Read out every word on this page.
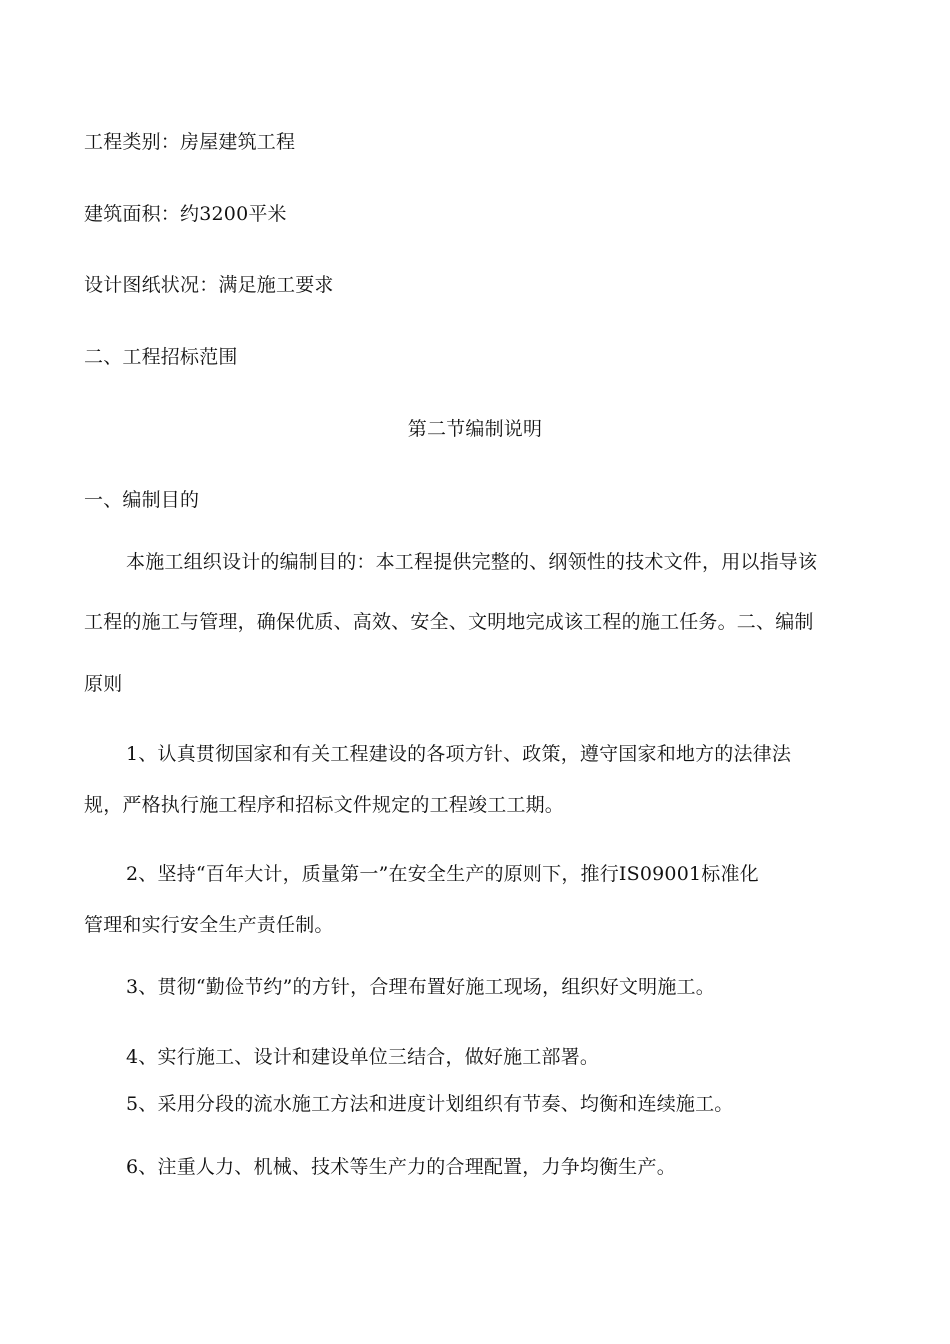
工程类别：房屋建筑工程
建筑面积：约3200平米
设计图纸状况：满足施工要求
二、工程招标范围
第二节编制说明
一、编制目的
本施工组织设计的编制目的：本工程提供完整的、纲领性的技术文件，用以指导该
工程的施工与管理，确保优质、高效、安全、文明地完成该工程的施工任务。二、编制
原则
1、认真贯彻国家和有关工程建设的各项方针、政策，遵守国家和地方的法律法
规，严格执行施工程序和招标文件规定的工程竣工工期。
2、坚持“百年大计，质量第一”在安全生产的原则下，推行IS09001标准化
管理和实行安全生产责任制。
3、贯彻“勤俭节约”的方针，合理布置好施工现场，组织好文明施工。
4、实行施工、设计和建设单位三结合，做好施工部署。
5、采用分段的流水施工方法和进度计划组织有节奏、均衡和连续施工。
6、注重人力、机械、技术等生产力的合理配置，力争均衡生产。
